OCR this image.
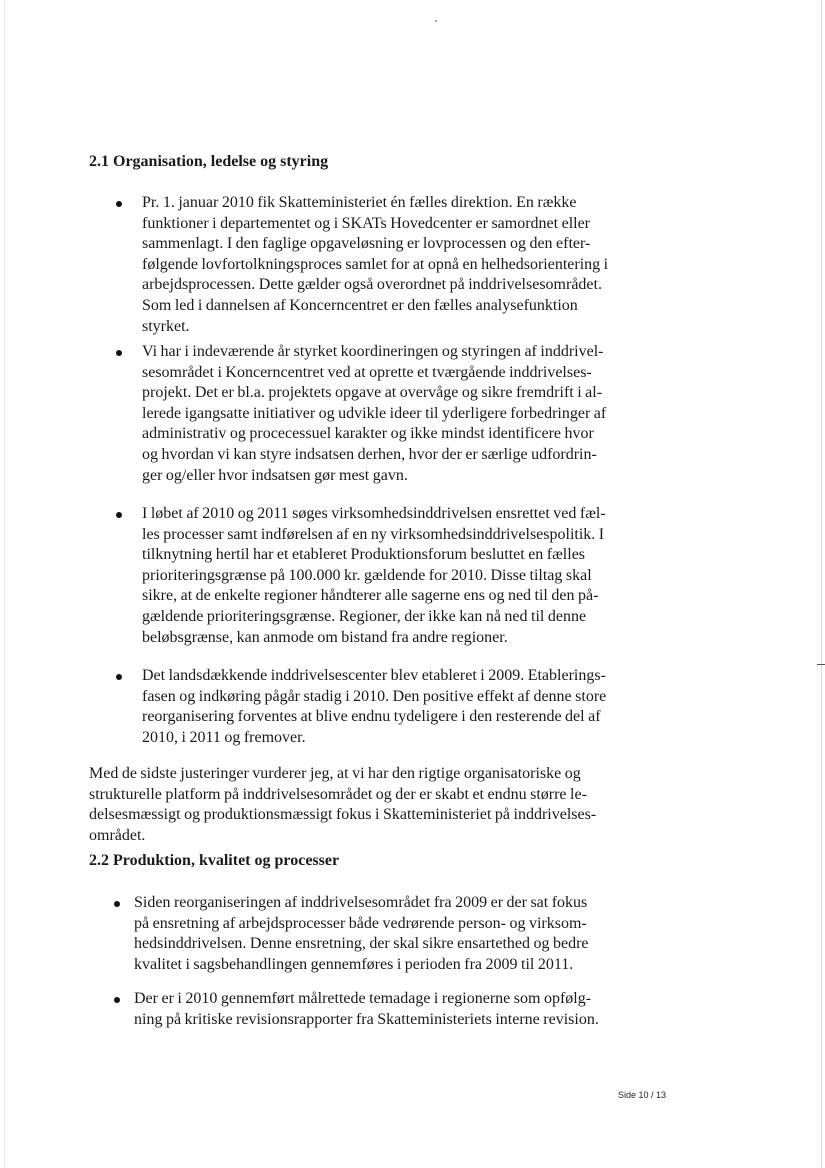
2.1 Organisation, ledelse og styring
Pr. 1. januar 2010 fik Skatteministeriet én fælles direktion. En række
funktioner i departementet og i SKATs Hovedcenter er samordnet eller
sammenlagt. I den faglige opgaveløsning er lovprocessen og den efter-
følgende lovfortolkningsproces samlet for at opnå en helhedsorientering i
arbejdsprocessen. Dette gælder også overordnet på inddrivelsesområdet.
Som led i dannelsen af Koncerncentret er den fælles analysefunktion
styrket.
Vi har i indeværende år styrket koordineringen og styringen af inddrivel-
sesområdet i Koncerncentret ved at oprette et tværgående inddrivelses-
projekt. Det er bl.a. projektets opgave at overvåge og sikre fremdrift i al-
lerede igangsatte initiativer og udvikle ideer til yderligere forbedringer af
administrativ og procecessuel karakter og ikke mindst identificere hvor
og hvordan vi kan styre indsatsen derhen, hvor der er særlige udfordrin-
ger og/eller hvor indsatsen gør mest gavn.
I løbet af 2010 og 2011 søges virksomhedsinddrivelsen ensrettet ved fæl-
les processer samt indførelsen af en ny virksomhedsinddrivelsespolitik. I
tilknytning hertil har et etableret Produktionsforum besluttet en fælles
prioriteringsgrænse på 100.000 kr. gældende for 2010. Disse tiltag skal
sikre, at de enkelte regioner håndterer alle sagerne ens og ned til den på-
gældende prioriteringsgrænse. Regioner, der ikke kan nå ned til denne
beløbsgrænse, kan anmode om bistand fra andre regioner.
Det landsdækkende inddrivelsescenter blev etableret i 2009. Etablerings-
fasen og indkøring pågår stadig i 2010. Den positive effekt af denne store
reorganisering forventes at blive endnu tydeligere i den resterende del af
2010, i 2011 og fremover.
Med de sidste justeringer vurderer jeg, at vi har den rigtige organisatoriske og
strukturelle platform på inddrivelsesområdet og der er skabt et endnu større le-
delsesmæssigt og produktionsmæssigt fokus i Skatteministeriet på inddrivelses-
området.
2.2 Produktion, kvalitet og processer
Siden reorganiseringen af inddrivelsesområdet fra 2009 er der sat fokus
på ensretning af arbejdsprocesser både vedrørende person- og virksom-
hedsinddrivelsen. Denne ensretning, der skal sikre ensartethed og bedre
kvalitet i sagsbehandlingen gennemføres i perioden fra 2009 til 2011.
Der er i 2010 gennemført målrettede temadage i regionerne som opfølg-
ning på kritiske revisionsrapporter fra Skatteministeriets interne revision.
Side 10 / 13
